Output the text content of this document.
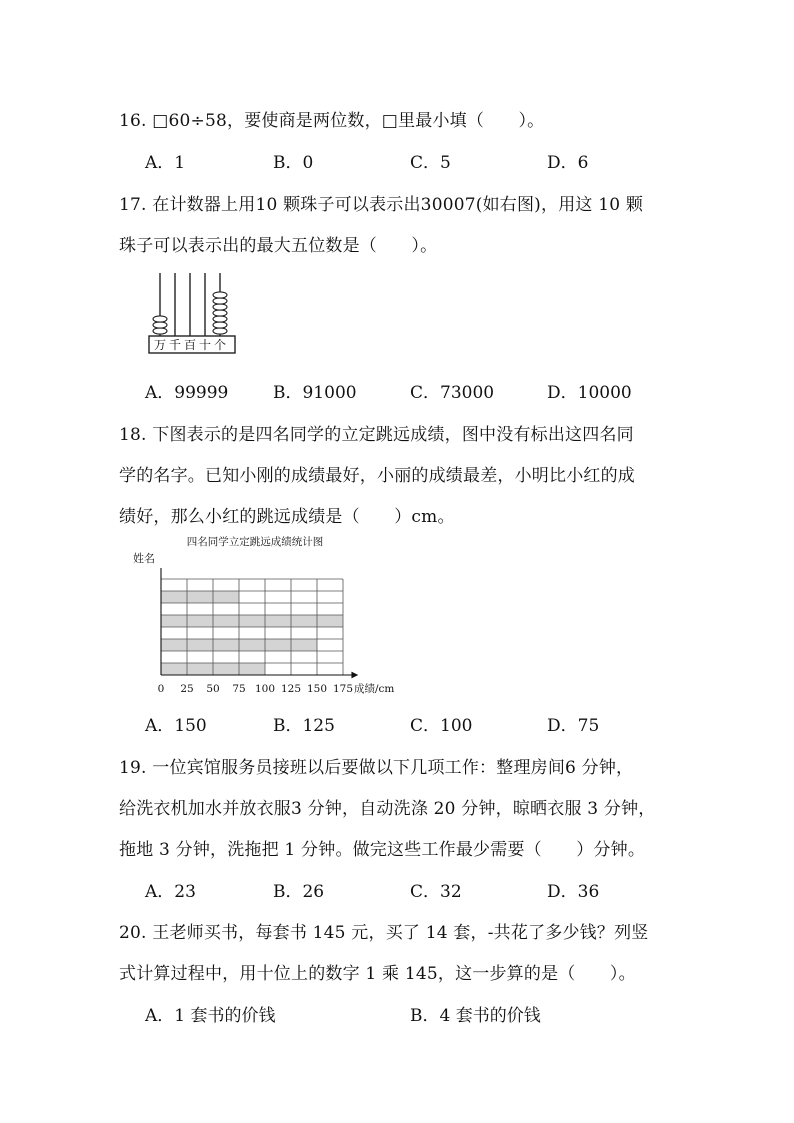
16. □60÷58，要使商是两位数，□里最小填（　　）。
A．1	B．0	C．5	D．6
17. 在计数器上用10 颗珠子可以表示出30007(如右图)，用这 10 颗
珠子可以表示出的最大五位数是（　　）。
万 千 百 十 个
A．99999	B．91000	C．73000	D．10000
18. 下图表示的是四名同学的立定跳远成绩，图中没有标出这四名同
学的名字。已知小刚的成绩最好，小丽的成绩最差，小明比小红的成
绩好，那么小红的跳远成绩是（　　）cm。
四名同学立定跳远成绩统计图
姓名
0 25 50 75 100 125 150 175 成绩/cm
A．150	B．125	C．100	D．75
19. 一位宾馆服务员接班以后要做以下几项工作：整理房间6 分钟，
给洗衣机加水并放衣服3 分钟，自动洗涤 20 分钟，晾晒衣服 3 分钟，
拖地 3 分钟，洗拖把 1 分钟。做完这些工作最少需要（　　）分钟。
A．23	B．26	C．32	D．36
20. 王老师买书，每套书 145 元，买了 14 套，-共花了多少钱？列竖
式计算过程中，用十位上的数字 1 乘 145，这一步算的是（　　）。
A．1 套书的价钱	B．4 套书的价钱
